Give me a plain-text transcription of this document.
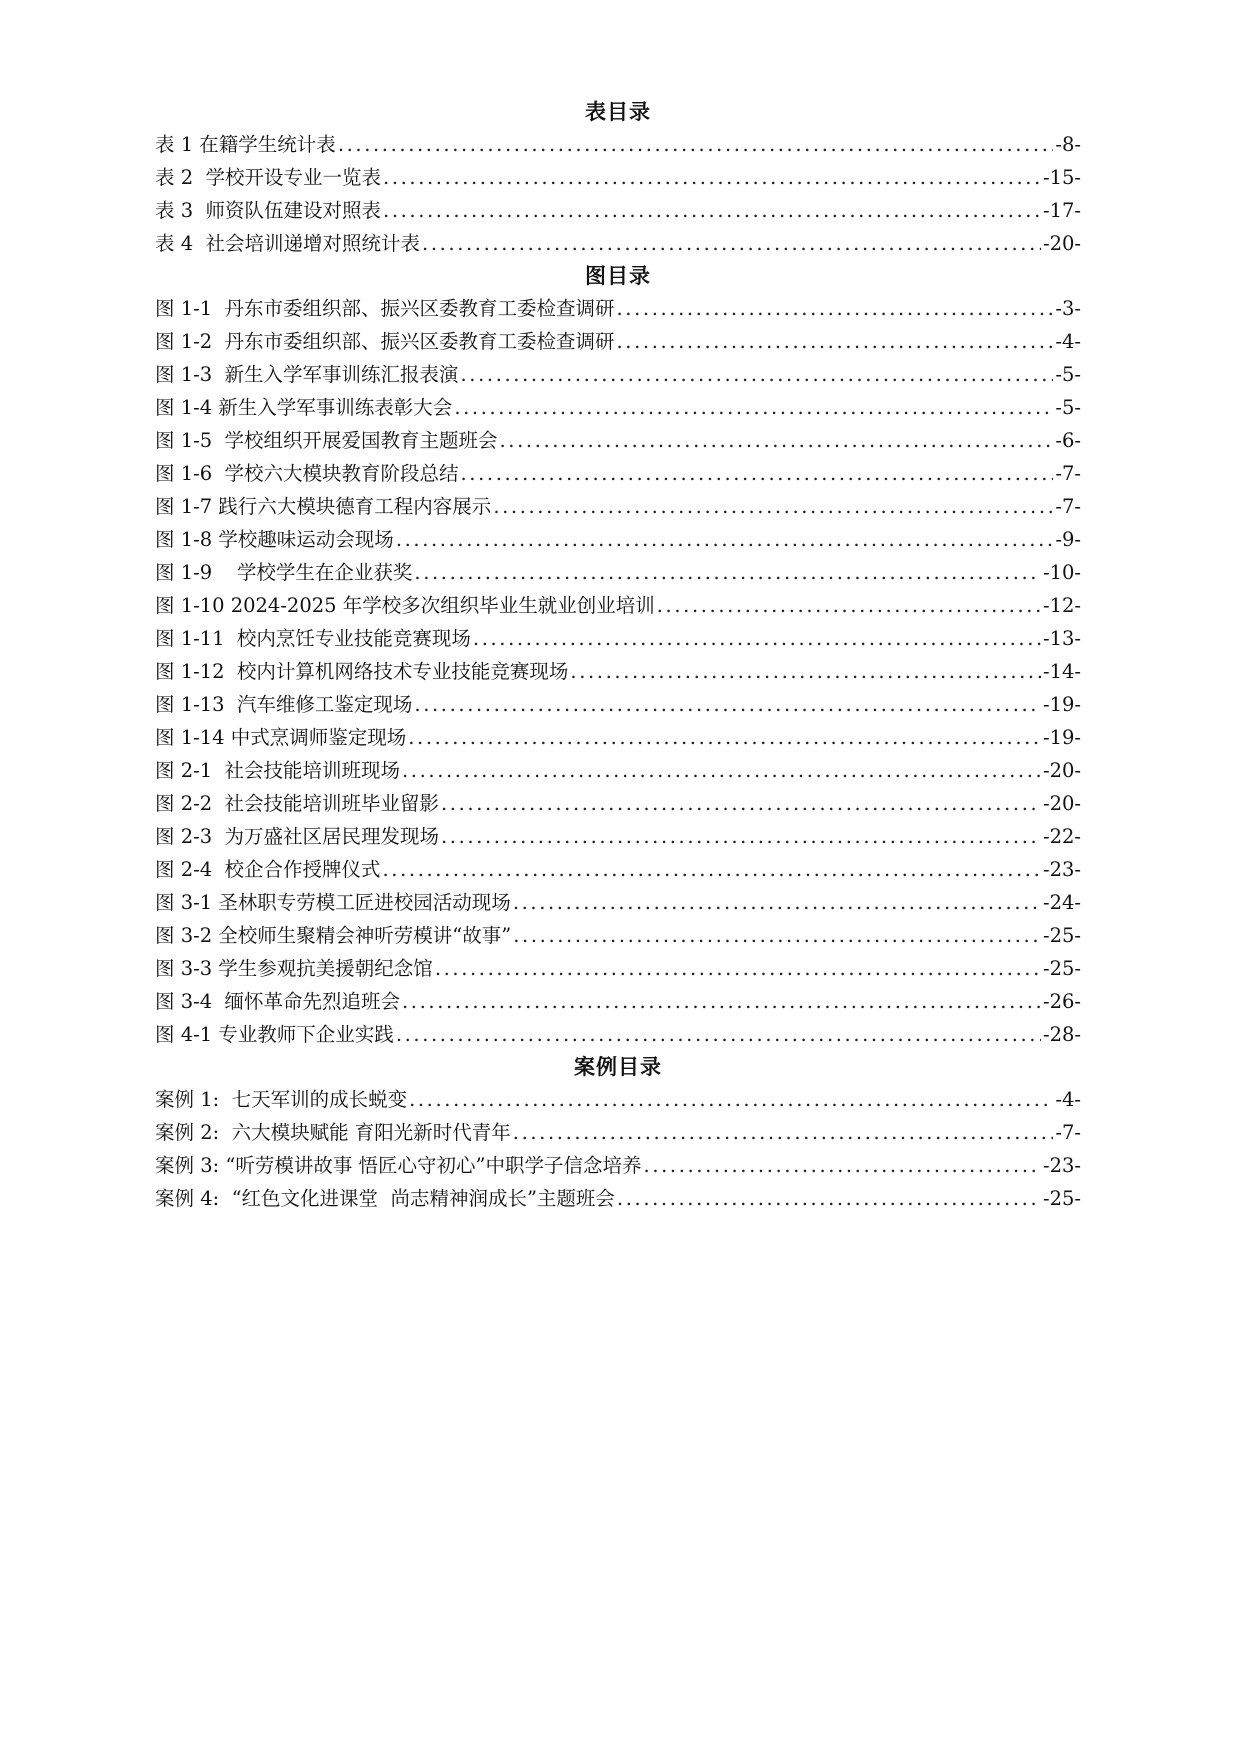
表目录
表 1 在籍学生统计表 .....	-8-
表 2  学校开设专业一览表 .....	-15-
表 3  师资队伍建设对照表 .....	-17-
表 4  社会培训递增对照统计表 .....	-20-
图目录
图 1-1  丹东市委组织部、振兴区委教育工委检查调研 .....	-3-
图 1-2  丹东市委组织部、振兴区委教育工委检查调研 .....	-4-
图 1-3  新生入学军事训练汇报表演 .....	-5-
图 1-4 新生入学军事训练表彰大会 .....	-5-
图 1-5  学校组织开展爱国教育主题班会 .....	-6-
图 1-6  学校六大模块教育阶段总结 .....	-7-
图 1-7 践行六大模块德育工程内容展示 .....	-7-
图 1-8 学校趣味运动会现场 .....	-9-
图 1-9    学校学生在企业获奖 .....	-10-
图 1-10 2024-2025 年学校多次组织毕业生就业创业培训 .....	-12-
图 1-11  校内烹饪专业技能竞赛现场 .....	-13-
图 1-12  校内计算机网络技术专业技能竞赛现场 .....	-14-
图 1-13  汽车维修工鉴定现场 .....	-19-
图 1-14 中式烹调师鉴定现场 .....	-19-
图 2-1  社会技能培训班现场 .....	-20-
图 2-2  社会技能培训班毕业留影 .....	-20-
图 2-3  为万盛社区居民理发现场 .....	-22-
图 2-4  校企合作授牌仪式 .....	-23-
图 3-1 圣林职专劳模工匠进校园活动现场 .....	-24-
图 3-2 全校师生聚精会神听劳模讲“故事” .....	-25-
图 3-3 学生参观抗美援朝纪念馆 .....	-25-
图 3-4  缅怀革命先烈追班会 .....	-26-
图 4-1 专业教师下企业实践 .....	-28-
案例目录
案例 1:  七天军训的成长蜕变 .....	-4-
案例 2:  六大模块赋能 育阳光新时代青年 .....	-7-
案例 3: “听劳模讲故事 悟匠心守初心”中职学子信念培养 .....	-23-
案例 4:  “红色文化进课堂  尚志精神润成长”主题班会 .....	-25-
